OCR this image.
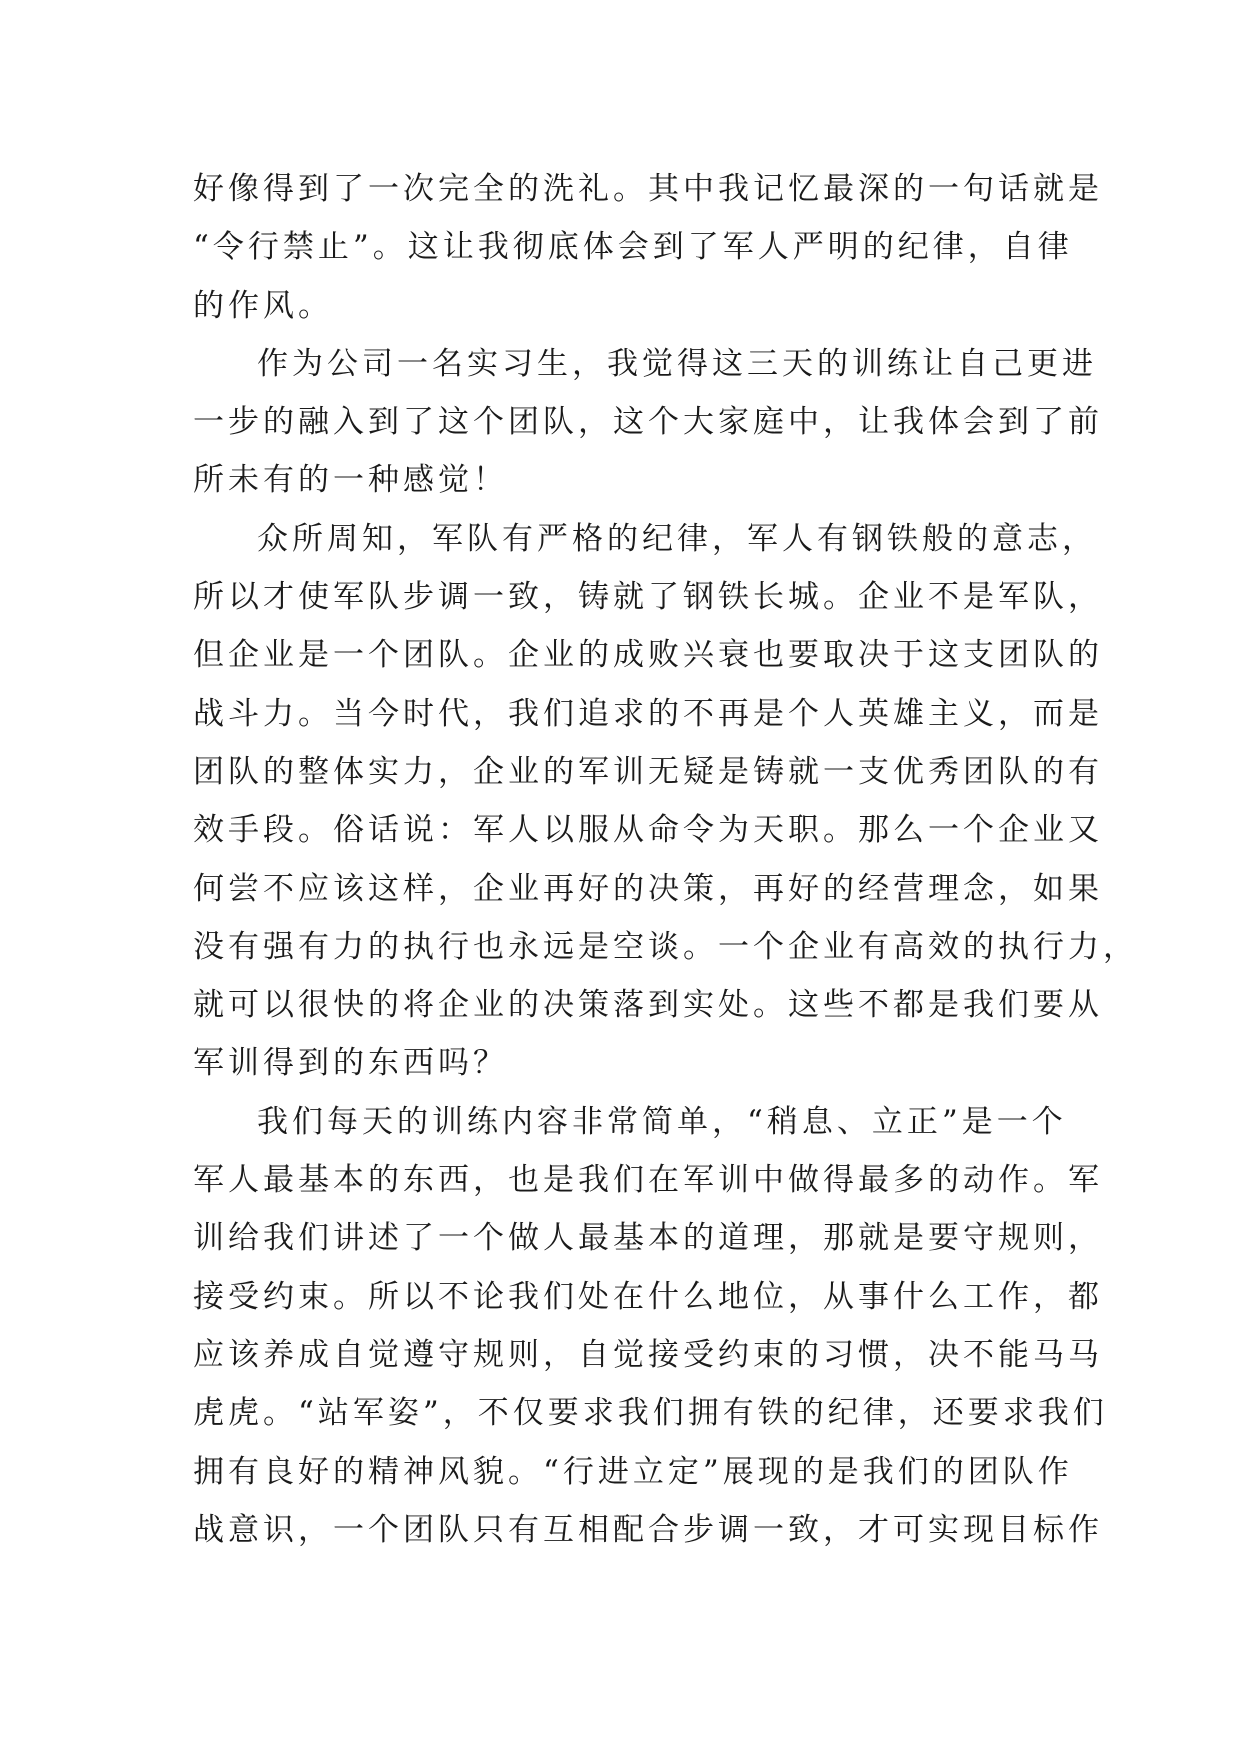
好像得到了一次完全的洗礼。其中我记忆最深的一句话就是
“令行禁止”。这让我彻底体会到了军人严明的纪律，自律
的作风。
作为公司一名实习生，我觉得这三天的训练让自己更进
一步的融入到了这个团队，这个大家庭中，让我体会到了前
所未有的一种感觉！
众所周知，军队有严格的纪律，军人有钢铁般的意志，
所以才使军队步调一致，铸就了钢铁长城。企业不是军队，
但企业是一个团队。企业的成败兴衰也要取决于这支团队的
战斗力。当今时代，我们追求的不再是个人英雄主义，而是
团队的整体实力，企业的军训无疑是铸就一支优秀团队的有
效手段。俗话说：军人以服从命令为天职。那么一个企业又
何尝不应该这样，企业再好的决策，再好的经营理念，如果
没有强有力的执行也永远是空谈。一个企业有高效的执行力，
就可以很快的将企业的决策落到实处。这些不都是我们要从
军训得到的东西吗？
我们每天的训练内容非常简单，“稍息、立正”是一个
军人最基本的东西，也是我们在军训中做得最多的动作。军
训给我们讲述了一个做人最基本的道理，那就是要守规则，
接受约束。所以不论我们处在什么地位，从事什么工作，都
应该养成自觉遵守规则，自觉接受约束的习惯，决不能马马
虎虎。“站军姿”，不仅要求我们拥有铁的纪律，还要求我们
拥有良好的精神风貌。“行进立定”展现的是我们的团队作
战意识，一个团队只有互相配合步调一致，才可实现目标作
